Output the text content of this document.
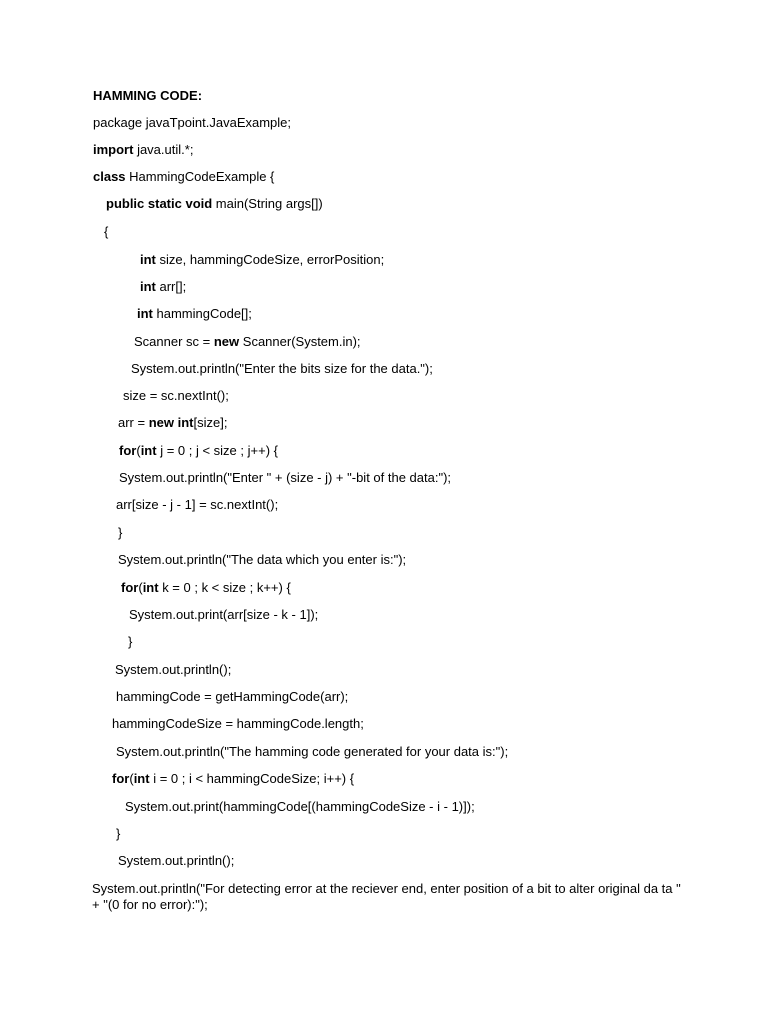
HAMMING CODE:
package javaTpoint.JavaExample;
import java.util.*;
class HammingCodeExample {
public static void main(String args[])
{
int size, hammingCodeSize, errorPosition;
int arr[];
int hammingCode[];
Scanner sc = new Scanner(System.in);
System.out.println("Enter the bits size for the data.");
size = sc.nextInt();
arr = new int[size];
for(int j = 0 ; j < size ; j++) {
System.out.println("Enter " + (size - j) + "-bit of the data:");
arr[size - j - 1] = sc.nextInt();
}
System.out.println("The data which you enter is:");
for(int k = 0 ; k < size ; k++) {
System.out.print(arr[size - k - 1]);
}
System.out.println();
hammingCode = getHammingCode(arr);
hammingCodeSize = hammingCode.length;
System.out.println("The hamming code generated for your data is:");
for(int i = 0 ; i < hammingCodeSize; i++) {
System.out.print(hammingCode[(hammingCodeSize - i - 1)]);
}
System.out.println();
System.out.println("For detecting error at the reciever end, enter position of a bit to alter original da ta " + "(0 for no error):");
